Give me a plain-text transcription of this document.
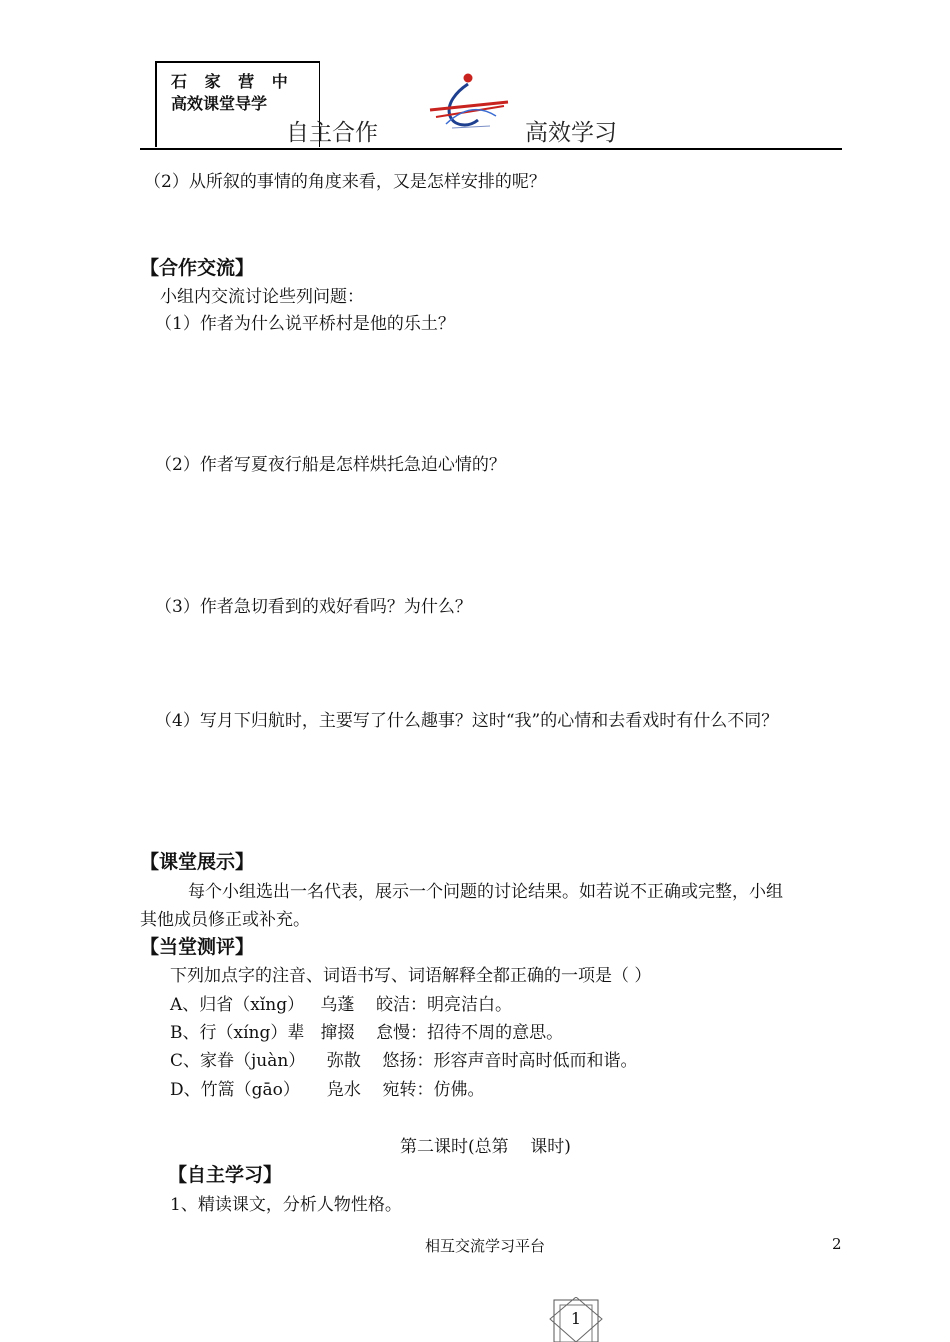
石 家 营 中
高效课堂导学
自主合作	高效学习
（2）从所叙的事情的角度来看，又是怎样安排的呢？
【合作交流】
小组内交流讨论些列问题：
（1）作者为什么说平桥村是他的乐土？
（2）作者写夏夜行船是怎样烘托急迫心情的？
（3）作者急切看到的戏好看吗？为什么？
（4）写月下归航时，主要写了什么趣事？这时“我”的心情和去看戏时有什么不同？
【课堂展示】
每个小组选出一名代表，展示一个问题的讨论结果。如若说不正确或完整，小组
其他成员修正或补充。
【当堂测评】
下列加点字的注音、词语书写、词语解释全都正确的一项是（ ）
A、归省（xǐng）   乌蓬    皎洁：明亮洁白。
B、行（xíng）辈   撺掇    怠慢：招待不周的意思。
C、家眷（juàn）    弥散    悠扬：形容声音时高时低而和谐。
D、竹篙（gāo）     凫水    宛转：仿佛。
第二课时(总第    课时)
【自主学习】
1、精读课文，分析人物性格。
相互交流学习平台	2
1
